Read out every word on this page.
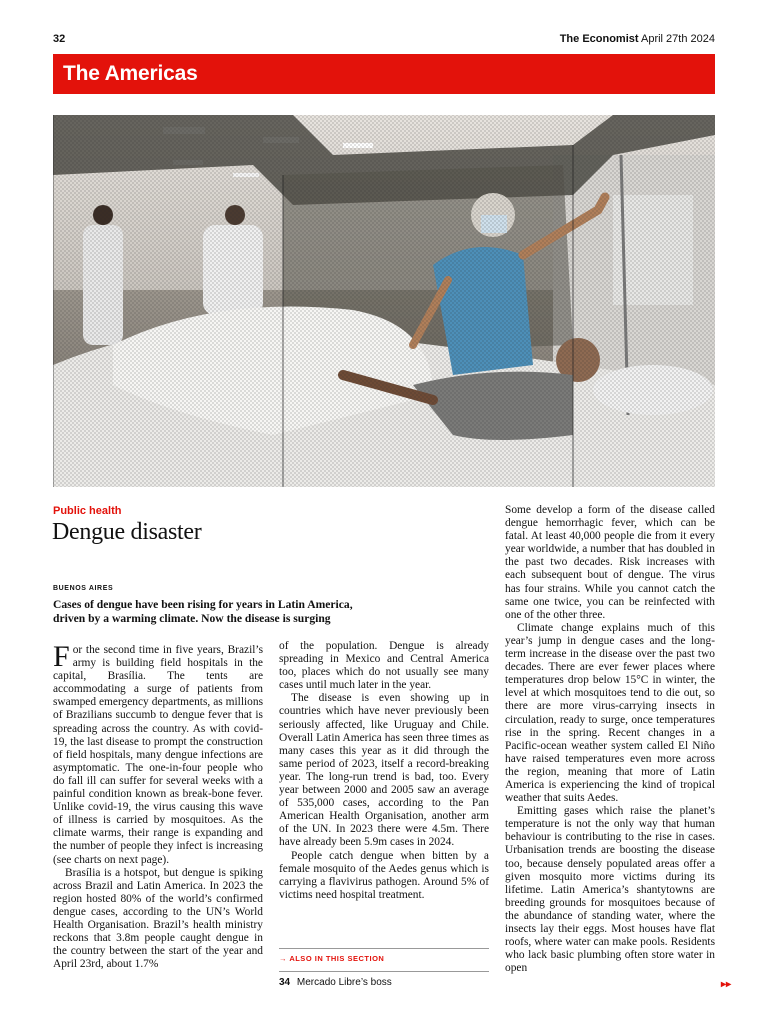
32	The Economist April 27th 2024
The Americas
Public health
Dengue disaster
BUENOS AIRES
Cases of dengue have been rising for years in Latin America, driven by a warming climate. Now the disease is surging

For the second time in five years, Brazil’s army is building field hospitals in the capital, Brasília. The tents are accommodating a surge of patients from swamped emergency departments, as millions of Brazilians succumb to dengue fever that is spreading across the country. As with covid-19, the last disease to prompt the construction of field hospitals, many dengue infections are asymptomatic. The one-in-four people who do fall ill can suffer for several weeks with a painful condition known as break-bone fever. Unlike covid-19, the virus causing this wave of illness is carried by mosquitoes. As the climate warms, their range is expanding and the number of people they infect is increasing (see charts on next page).

Brasília is a hotspot, but dengue is spiking across Brazil and Latin America. In 2023 the region hosted 80% of the world’s confirmed dengue cases, according to the UN’s World Health Organisation. Brazil’s health ministry reckons that 3.8m people caught dengue in the country between the start of the year and April 23rd, about 1.7%

of the population. Dengue is already spreading in Mexico and Central America too, places which do not usually see many cases until much later in the year.

The disease is even showing up in countries which have never previously been seriously affected, like Uruguay and Chile. Overall Latin America has seen three times as many cases this year as it did through the same period of 2023, itself a record-breaking year. The long-run trend is bad, too. Every year between 2000 and 2005 saw an average of 535,000 cases, according to the Pan American Health Organisation, another arm of the UN. In 2023 there were 4.5m. There have already been 5.9m cases in 2024.

People catch dengue when bitten by a female mosquito of the Aedes genus which is carrying a flavivirus pathogen. Around 5% of victims need hospital treatment.

→ ALSO IN THIS SECTION
34 Mercado Libre’s boss

Some develop a form of the disease called dengue hemorrhagic fever, which can be fatal. At least 40,000 people die from it every year worldwide, a number that has doubled in the past two decades. Risk increases with each subsequent bout of dengue. The virus has four strains. While you cannot catch the same one twice, you can be reinfected with one of the other three.

Climate change explains much of this year’s jump in dengue cases and the long-term increase in the disease over the past two decades. There are ever fewer places where temperatures drop below 15°C in winter, the level at which mosquitoes tend to die out, so there are more virus-carrying insects in circulation, ready to surge, once temperatures rise in the spring. Recent changes in a Pacific-ocean weather system called El Niño have raised temperatures even more across the region, meaning that more of Latin America is experiencing the kind of tropical weather that suits Aedes.

Emitting gases which raise the planet’s temperature is not the only way that human behaviour is contributing to the rise in cases. Urbanisation trends are boosting the disease too, because densely populated areas offer a given mosquito more victims during its lifetime. Latin America’s shantytowns are breeding grounds for mosquitoes because of the abundance of standing water, where the insects lay their eggs. Most houses have flat roofs, where water can make pools. Residents who lack basic plumbing often store water in open

▸▸
